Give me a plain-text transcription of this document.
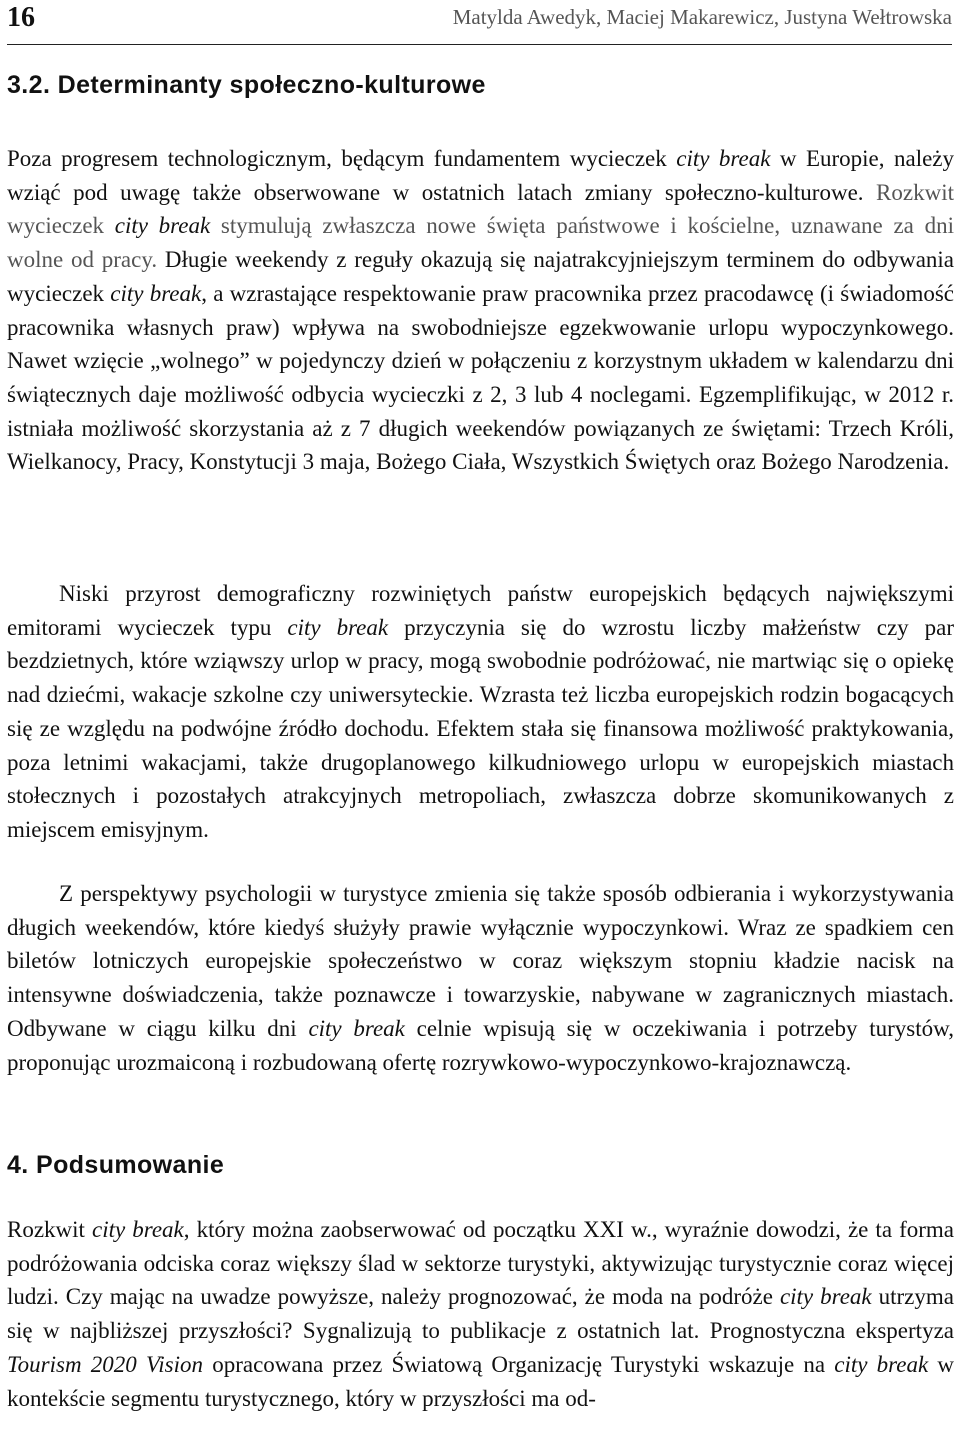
16	Matylda Awedyk, Maciej Makarewicz, Justyna Wełtrowska
3.2. Determinanty społeczno-kulturowe

Poza progresem technologicznym, będącym fundamentem wycieczek city break w Europie, należy wziąć pod uwagę także obserwowane w ostatnich latach zmiany społeczno-kulturowe. Rozkwit wycieczek city break stymulują zwłaszcza nowe święta państwowe i kościelne, uznawane za dni wolne od pracy. Długie weekendy z reguły okazują się najatrakcyjniejszym terminem do odbywania wycieczek city break, a wzrastające respektowanie praw pracownika przez pracodawcę (i świadomość pracownika własnych praw) wpływa na swobodniejsze egzekwowanie urlopu wypoczynkowego. Nawet wzięcie „wolnego” w pojedynczy dzień w połączeniu z korzystnym układem w kalendarzu dni świątecznych daje możliwość odbycia wycieczki z 2, 3 lub 4 noclegami. Egzemplifikując, w 2012 r. istniała możliwość skorzystania aż z 7 długich weekendów powiązanych ze świętami: Trzech Króli, Wielkanocy, Pracy, Konstytucji 3 maja, Bożego Ciała, Wszystkich Świętych oraz Bożego Narodzenia.

Niski przyrost demograficzny rozwiniętych państw europejskich będących największymi emitorami wycieczek typu city break przyczynia się do wzrostu liczby małżeństw czy par bezdzietnych, które wziąwszy urlop w pracy, mogą swobodnie podróżować, nie martwiąc się o opiekę nad dziećmi, wakacje szkolne czy uniwersyteckie. Wzrasta też liczba europejskich rodzin bogacących się ze względu na podwójne źródło dochodu. Efektem stała się finansowa możliwość praktykowania, poza letnimi wakacjami, także drugoplanowego kilkudniowego urlopu w europejskich miastach stołecznych i pozostałych atrakcyjnych metropoliach, zwłaszcza dobrze skomunikowanych z miejscem emisyjnym.

Z perspektywy psychologii w turystyce zmienia się także sposób odbierania i wykorzystywania długich weekendów, które kiedyś służyły prawie wyłącznie wypoczynkowi. Wraz ze spadkiem cen biletów lotniczych europejskie społeczeństwo w coraz większym stopniu kładzie nacisk na intensywne doświadczenia, także poznawcze i towarzyskie, nabywane w zagranicznych miastach. Odbywane w ciągu kilku dni city break celnie wpisują się w oczekiwania i potrzeby turystów, proponując urozmaiconą i rozbudowaną ofertę rozrywkowo-wypoczynkowo-krajoznawczą.

4. Podsumowanie

Rozkwit city break, który można zaobserwować od początku XXI w., wyraźnie dowodzi, że ta forma podróżowania odciska coraz większy ślad w sektorze turystyki, aktywizując turystycznie coraz więcej ludzi. Czy mając na uwadze powyższe, należy prognozować, że moda na podróże city break utrzyma się w najbliższej przyszłości? Sygnalizują to publikacje z ostatnich lat. Prognostyczna ekspertyza Tourism 2020 Vision opracowana przez Światową Organizację Turystyki wskazuje na city break w kontekście segmentu turystycznego, który w przyszłości ma od-
